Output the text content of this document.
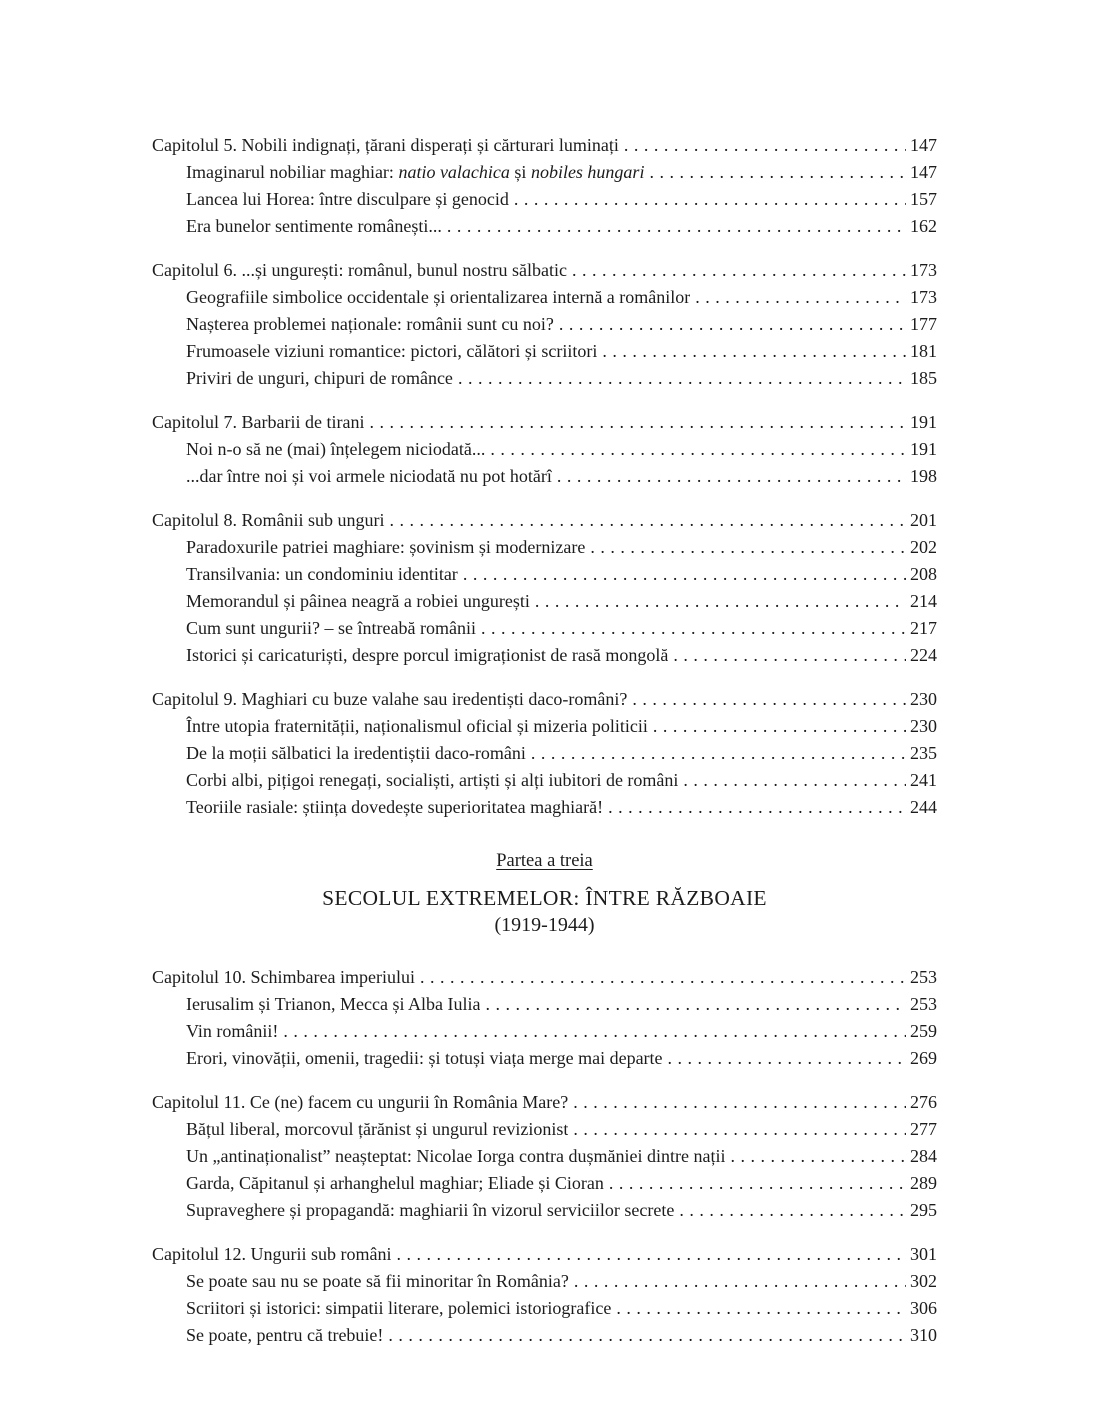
Capitolul 5. Nobili indignați, țărani disperați și cărturari luminați . . .	147
Imaginarul nobiliar maghiar: natio valachica și nobiles hungari . . .	147
Lancea lui Horea: între disculpare și genocid . . .	157
Era bunelor sentimente românești... . . .	162
Capitolul 6. ...și ungurești: românul, bunul nostru sălbatic . . .	173
Geografiile simbolice occidentale și orientalizarea internă a românilor . . .	173
Nașterea problemei naționale: românii sunt cu noi? . . .	177
Frumoasele viziuni romantice: pictori, călători și scriitori . . .	181
Priviri de unguri, chipuri de românce . . .	185
Capitolul 7. Barbarii de tirani . . .	191
Noi n-o să ne (mai) înțelegem niciodată... . . .	191
...dar între noi și voi armele niciodată nu pot hotărî . . .	198
Capitolul 8. Românii sub unguri . . .	201
Paradoxurile patriei maghiare: șovinism și modernizare . . .	202
Transilvania: un condominiu identitar . . .	208
Memorandul și pâinea neagră a robiei ungurești . . .	214
Cum sunt ungurii? – se întreabă românii . . .	217
Istorici și caricaturiști, despre porcul imigraționist de rasă mongolă . . .	224
Capitolul 9. Maghiari cu buze valahe sau iredentiști daco-români? . . .	230
Între utopia fraternității, naționalismul oficial și mizeria politicii . . .	230
De la moții sălbatici la iredentiștii daco-români . . .	235
Corbi albi, pițigoi renegați, socialiști, artiști și alți iubitori de români . . .	241
Teoriile rasiale: știința dovedește superioritatea maghiară! . . .	244
Partea a treia
SECOLUL EXTREMELOR: ÎNTRE RĂZBOAIE
(1919-1944)
Capitolul 10. Schimbarea imperiului . . .	253
Ierusalim și Trianon, Mecca și Alba Iulia . . .	253
Vin românii! . . .	259
Erori, vinovății, omenii, tragedii: și totuși viața merge mai departe . . .	269
Capitolul 11. Ce (ne) facem cu ungurii în România Mare? . . .	276
Bățul liberal, morcovul țărănist și ungurul revizionist . . .	277
Un „antinaționalist” neașteptat: Nicolae Iorga contra dușmăniei dintre nații . . .	284
Garda, Căpitanul și arhanghelul maghiar; Eliade și Cioran . . .	289
Supraveghere și propagandă: maghiarii în vizorul serviciilor secrete . . .	295
Capitolul 12. Ungurii sub români . . .	301
Se poate sau nu se poate să fii minoritar în România? . . .	302
Scriitori și istorici: simpatii literare, polemici istoriografice . . .	306
Se poate, pentru că trebuie! . . .	310
